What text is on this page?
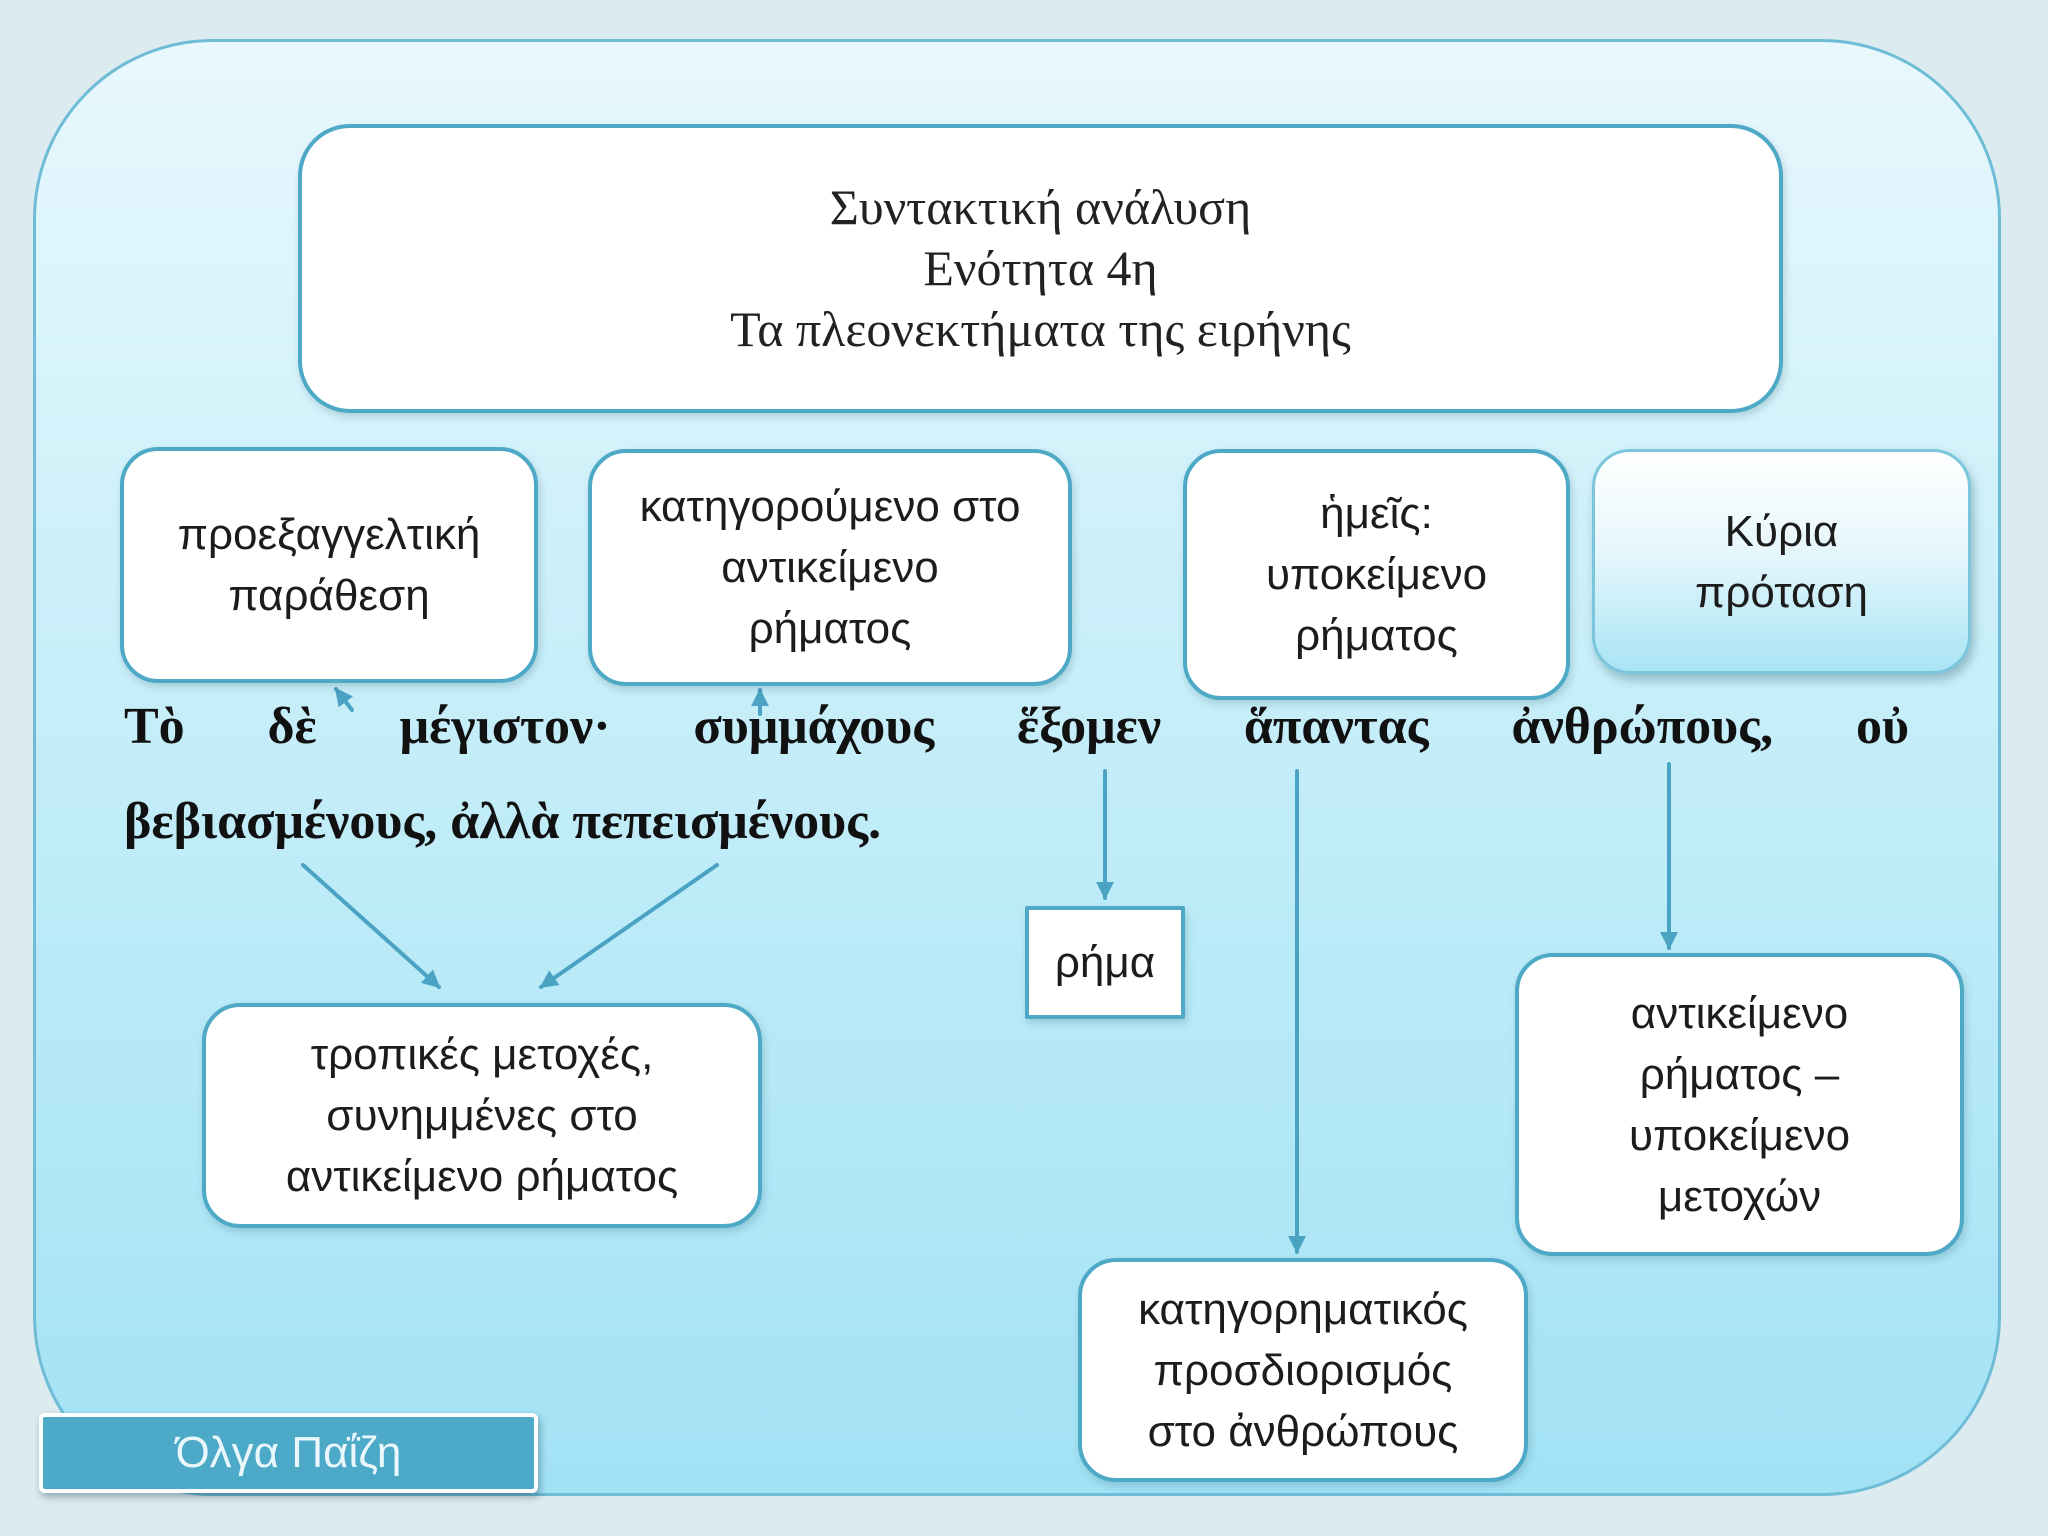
Συντακτική ανάλυση
Ενότητα 4η
Τα πλεονεκτήματα της ειρήνης
προεξαγγελτική
παράθεση
κατηγορούμενο στο
αντικείμενο
ρήματος
ἡμεῖς:
υποκείμενο
ρήματος
Κύρια
πρόταση
Τὸ δὲ μέγιστον· συμμάχους ἕξομεν ἅπαντας ἀνθρώπους, οὐ
βεβιασμένους, ἀλλὰ πεπεισμένους.
ρήμα
τροπικές μετοχές,
συνημμένες στο
αντικείμενο ρήματος
αντικείμενο
ρήματος –
υποκείμενο
μετοχών
κατηγορηματικός
προσδιορισμός
στο ἀνθρώπους
Όλγα Παΐζη
